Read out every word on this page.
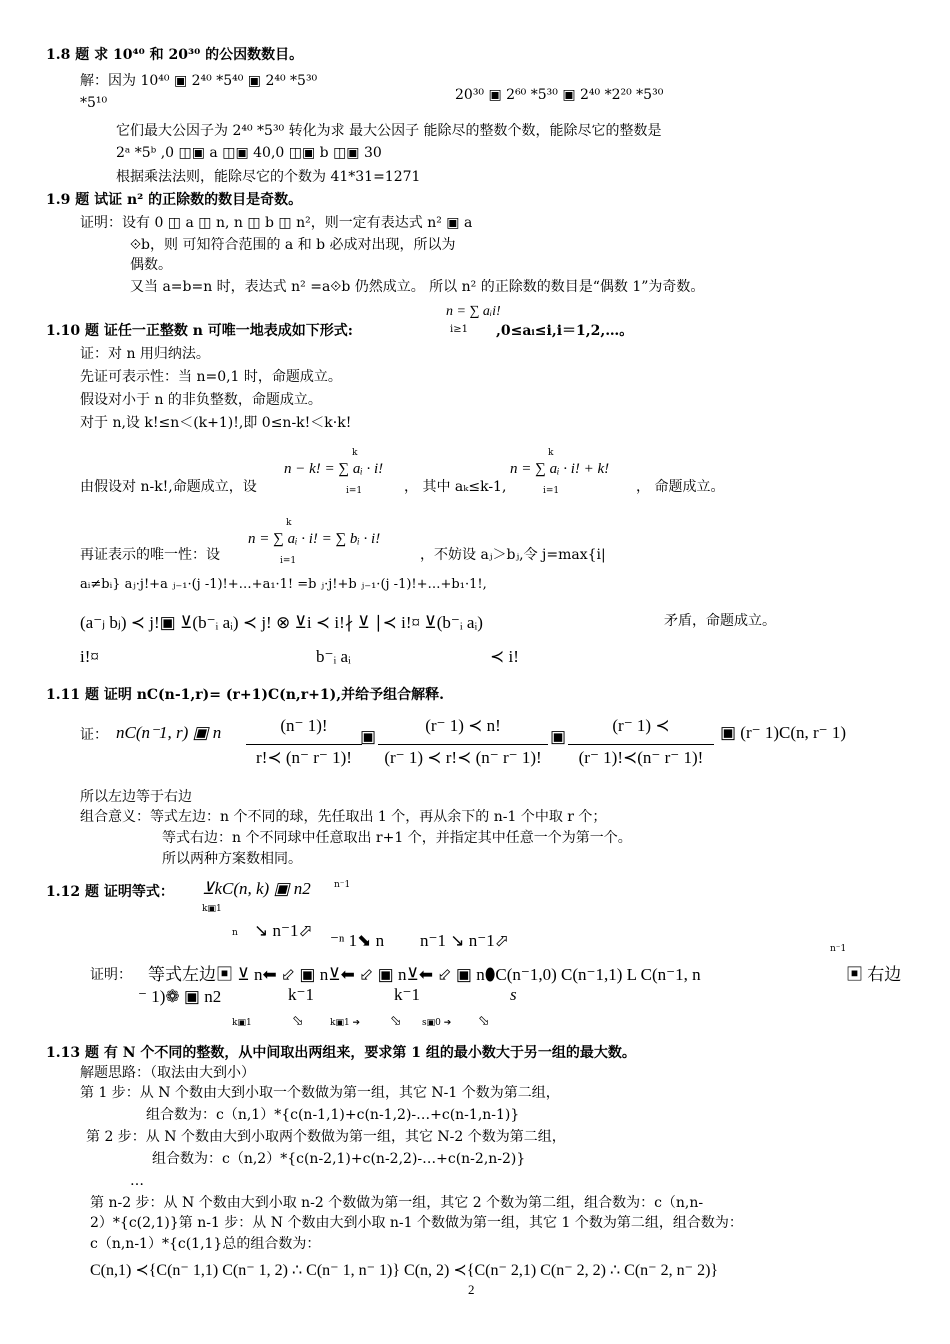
1.8 题 求 10⁴⁰ 和 20³⁰ 的公因数数目。
解：因为 10⁴⁰ ▣ 2⁴⁰ *5⁴⁰ ▣ 2⁴⁰ *5³⁰
*5¹⁰	20³⁰ ▣ 2⁶⁰ *5³⁰ ▣ 2⁴⁰ *2²⁰ *5³⁰
它们最大公因子为 2⁴⁰ *5³⁰ 转化为求 最大公因子 能除尽的整数个数，能除尽它的整数是
2ᵃ *5ᵇ ,0 ◫▣ a ◫▣ 40,0 ◫▣ b ◫▣ 30
根据乘法法则，能除尽它的个数为 41*31=1271
1.9 题 试证 n² 的正除数的数目是奇数。
证明：设有 0 ◫ a ◫ n, n ◫ b ◫ n²，则一定有表达式 n² ▣ a
⟐b，则 可知符合范围的 a 和 b 必成对出现，所以为
偶数。
又当 a=b=n 时，表达式 n² =a⟐b 仍然成立。 所以 n² 的正除数的数目是“偶数 1”为奇数。
n = ∑ aᵢi!
i≥1
1.10 题 证任一正整数 n 可唯一地表成如下形式:	,0≤aᵢ≤i,i＝1,2,…。
证：对 n 用归纳法。
先证可表示性：当 n=0,1 时，命题成立。
假设对小于 n 的非负整数，命题成立。
对于 n,设 k!≤n＜(k+1)!,即 0≤n-k!＜k·k!
k
n − k! = ∑ aᵢ · i!
i=1
由假设对 n-k!,命题成立，设	， 其中 aₖ≤k-1,
k
n = ∑ aᵢ · i! + k!
i=1	， 命题成立。
k
n = ∑ aᵢ · i! = ∑ bᵢ · i!
i=1
再证表示的唯一性：设	，不妨设 aⱼ＞bⱼ,令 j=max{i|
aᵢ≠bᵢ} aⱼ·j!+a ⱼ₋₁·(j -1)!+…+a₁·1! =b ⱼ·j!+b ⱼ₋₁·(j -1)!+…+b₁·1!,
(a⁻ⱼ bⱼ) ≺ j!▣ ⊻(b⁻ᵢ aᵢ) ≺ j! ⊗ ⊻i ≺ i!∤ ⊻ ∣≺ i!¤ ⊻(b⁻ᵢ aᵢ)	矛盾，命题成立。
i!¤	b⁻ᵢ aᵢ	≺ i!
1.11 题 证明 nC(n-1,r)= (r+1)C(n,r+1),并给予组合解释.
证： nC(n⁻1, r) ▣ n	(n⁻ 1)!
r!≺ (n⁻ r⁻ 1)!
▣
(r⁻ 1) ≺ n!
(r⁻ 1) ≺ r!≺ (n⁻ r⁻ 1)!
▣
(r⁻ 1) ≺
(r⁻ 1)!≺(n⁻ r⁻ 1)!
▣ (r⁻ 1)C(n, r⁻ 1)
所以左边等于右边
组合意义：等式左边：n 个不同的球，先任取出 1 个，再从余下的 n-1 个中取 r 个；
等式右边：n 个不同球中任意取出 r+1 个，并指定其中任意一个为第一个。
所以两种方案数相同。
1.12 题 证明等式： ⊻kC(n, k) ▣ n2	n⁻1
k▣1
n ↘ n⁻1⬀
⁻ⁿ 1⬊ n n⁻1 ↘ n⁻1⬀	n⁻1
证明： 等式左边▣ ⊻ n⬅ ⬃ ▣ n⊻⬅ ⬃ ▣ n⊻⬅ ⬃ ▣ n⬮C(n⁻1,0) C(n⁻1,1) L C(n⁻1, n
k⁻1	k⁻1	s
▣ 右边
⁻ 1)❁ ▣ n2
k▣1	⬂	k▣1 ➔ ⬂ s▣0 ➔ ⬂
1.13 题 有 N 个不同的整数，从中间取出两组来，要求第 1 组的最小数大于另一组的最大数。
解题思路：（取法由大到小）
第 1 步：从 N 个数由大到小取一个数做为第一组，其它 N-1 个数为第二组，
组合数为：c（n,1）*{c(n-1,1)+c(n-1,2)-…+c(n-1,n-1)}
第 2 步：从 N 个数由大到小取两个数做为第一组，其它 N-2 个数为第二组，
组合数为：c（n,2）*{c(n-2,1)+c(n-2,2)-…+c(n-2,n-2)}
…
第 n-2 步：从 N 个数由大到小取 n-2 个数做为第一组，其它 2 个数为第二组，组合数为：c（n,n-
2）*{c(2,1)}第 n-1 步：从 N 个数由大到小取 n-1 个数做为第一组，其它 1 个数为第二组，组合数为：
c（n,n-1）*{c(1,1}总的组合数为：
C(n,1) ≺{C(n⁻ 1,1) C(n⁻ 1, 2) ∴ C(n⁻ 1, n⁻ 1)} C(n, 2) ≺{C(n⁻ 2,1) C(n⁻ 2, 2) ∴ C(n⁻ 2, n⁻ 2)}
2
